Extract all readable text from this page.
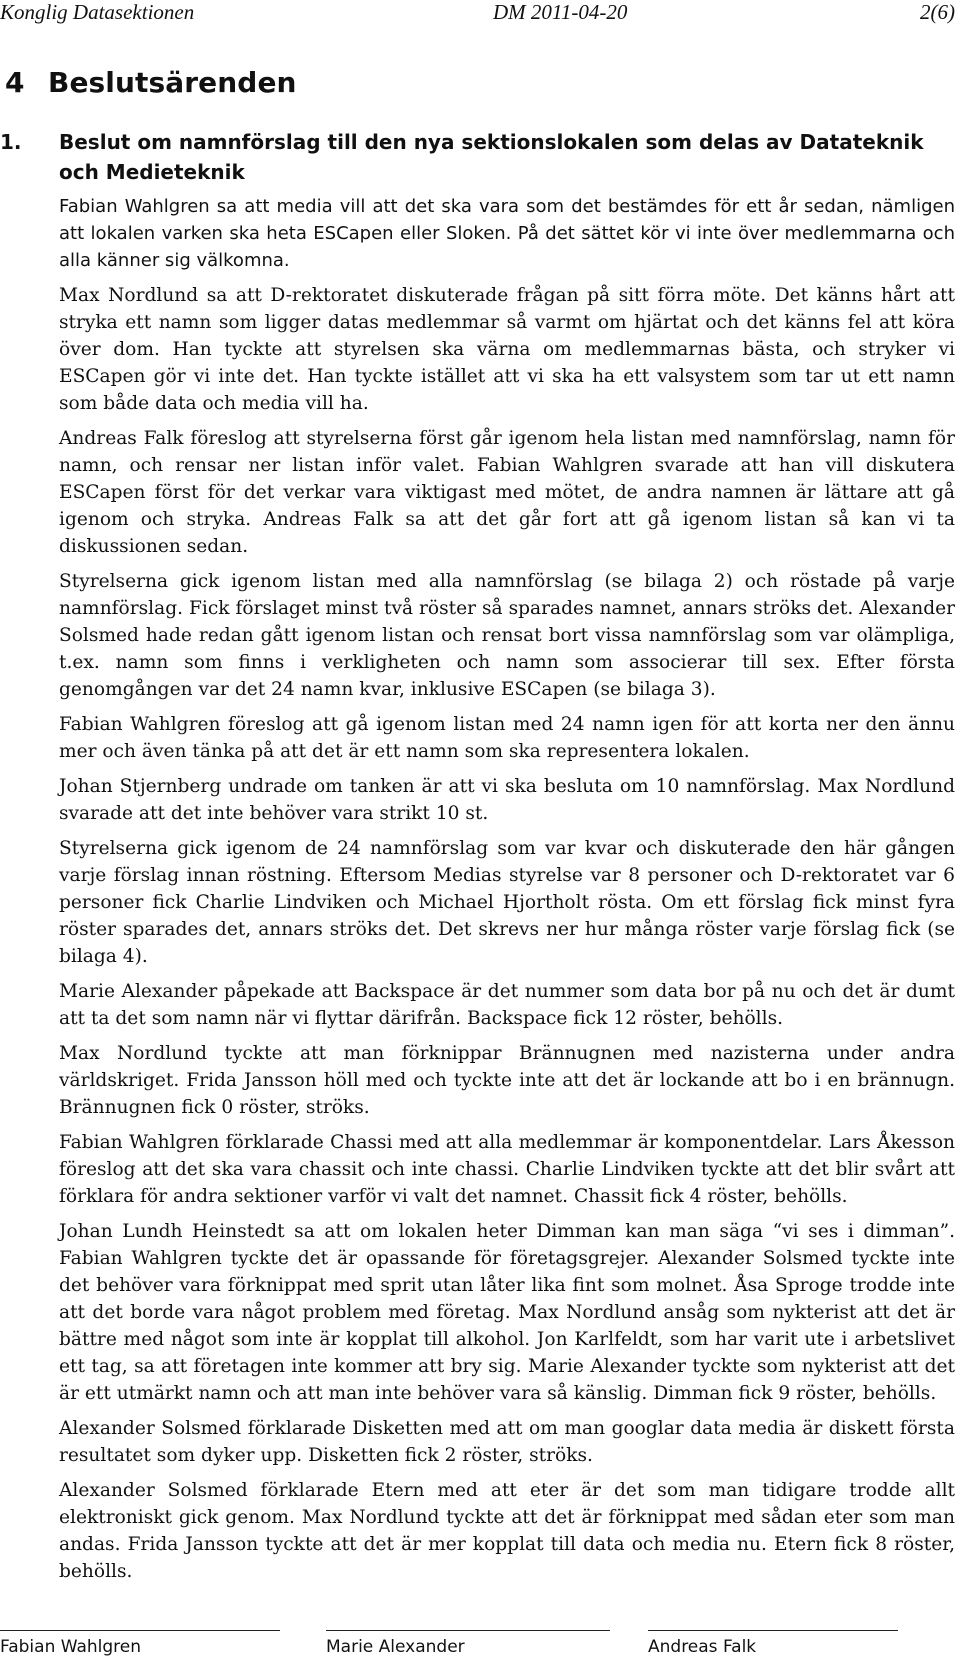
Konglig Datasektionen	DM 2011-04-20	2(6)
4 Beslutsärenden
1. Beslut om namnförslag till den nya sektionslokalen som delas av Datateknik och Medieteknik

Fabian Wahlgren sa att media vill att det ska vara som det bestämdes för ett år sedan, nämligen att lokalen varken ska heta ESCapen eller Sloken. På det sättet kör vi inte över medlemmarna och alla känner sig välkomna.

Max Nordlund sa att D-rektoratet diskuterade frågan på sitt förra möte. Det känns hårt att stryka ett namn som ligger datas medlemmar så varmt om hjärtat och det känns fel att köra över dom. Han tyckte att styrelsen ska värna om medlemmarnas bästa, och stryker vi ESCapen gör vi inte det. Han tyckte istället att vi ska ha ett valsystem som tar ut ett namn som både data och media vill ha.

Andreas Falk föreslog att styrelserna först går igenom hela listan med namnförslag, namn för namn, och rensar ner listan inför valet. Fabian Wahlgren svarade att han vill diskutera ESCapen först för det verkar vara viktigast med mötet, de andra namnen är lättare att gå igenom och stryka. Andreas Falk sa att det går fort att gå igenom listan så kan vi ta diskussionen sedan.

Styrelserna gick igenom listan med alla namnförslag (se bilaga 2) och röstade på varje namnförslag. Fick förslaget minst två röster så sparades namnet, annars ströks det. Alexander Solsmed hade redan gått igenom listan och rensat bort vissa namnförslag som var olämpliga, t.ex. namn som finns i verkligheten och namn som associerar till sex. Efter första genomgången var det 24 namn kvar, inklusive ESCapen (se bilaga 3).

Fabian Wahlgren föreslog att gå igenom listan med 24 namn igen för att korta ner den ännu mer och även tänka på att det är ett namn som ska representera lokalen.

Johan Stjernberg undrade om tanken är att vi ska besluta om 10 namnförslag. Max Nordlund svarade att det inte behöver vara strikt 10 st.

Styrelserna gick igenom de 24 namnförslag som var kvar och diskuterade den här gången varje förslag innan röstning. Eftersom Medias styrelse var 8 personer och D-rektoratet var 6 personer fick Charlie Lindviken och Michael Hjortholt rösta. Om ett förslag fick minst fyra röster sparades det, annars ströks det. Det skrevs ner hur många röster varje förslag fick (se bilaga 4).

Marie Alexander påpekade att Backspace är det nummer som data bor på nu och det är dumt att ta det som namn när vi flyttar därifrån. Backspace fick 12 röster, behölls.

Max Nordlund tyckte att man förknippar Brännugnen med nazisterna under andra världskriget. Frida Jansson höll med och tyckte inte att det är lockande att bo i en brännugn. Brännugnen fick 0 röster, ströks.

Fabian Wahlgren förklarade Chassi med att alla medlemmar är komponentdelar. Lars Åkesson föreslog att det ska vara chassit och inte chassi. Charlie Lindviken tyckte att det blir svårt att förklara för andra sektioner varför vi valt det namnet. Chassit fick 4 röster, behölls.

Johan Lundh Heinstedt sa att om lokalen heter Dimman kan man säga “vi ses i dimman”. Fabian Wahlgren tyckte det är opassande för företagsgrejer. Alexander Solsmed tyckte inte det behöver vara förknippat med sprit utan låter lika fint som molnet. Åsa Sproge trodde inte att det borde vara något problem med företag. Max Nordlund ansåg som nykterist att det är bättre med något som inte är kopplat till alkohol. Jon Karlfeldt, som har varit ute i arbetslivet ett tag, sa att företagen inte kommer att bry sig. Marie Alexander tyckte som nykterist att det är ett utmärkt namn och att man inte behöver vara så känslig. Dimman fick 9 röster, behölls.

Alexander Solsmed förklarade Disketten med att om man googlar data media är diskett första resultatet som dyker upp. Disketten fick 2 röster, ströks.

Alexander Solsmed förklarade Etern med att eter är det som man tidigare trodde allt elektroniskt gick genom. Max Nordlund tyckte att det är förknippat med sådan eter som man andas. Frida Jansson tyckte att det är mer kopplat till data och media nu. Etern fick 8 röster, behölls.

Fabian Wahlgren	Marie Alexander	Andreas Falk
